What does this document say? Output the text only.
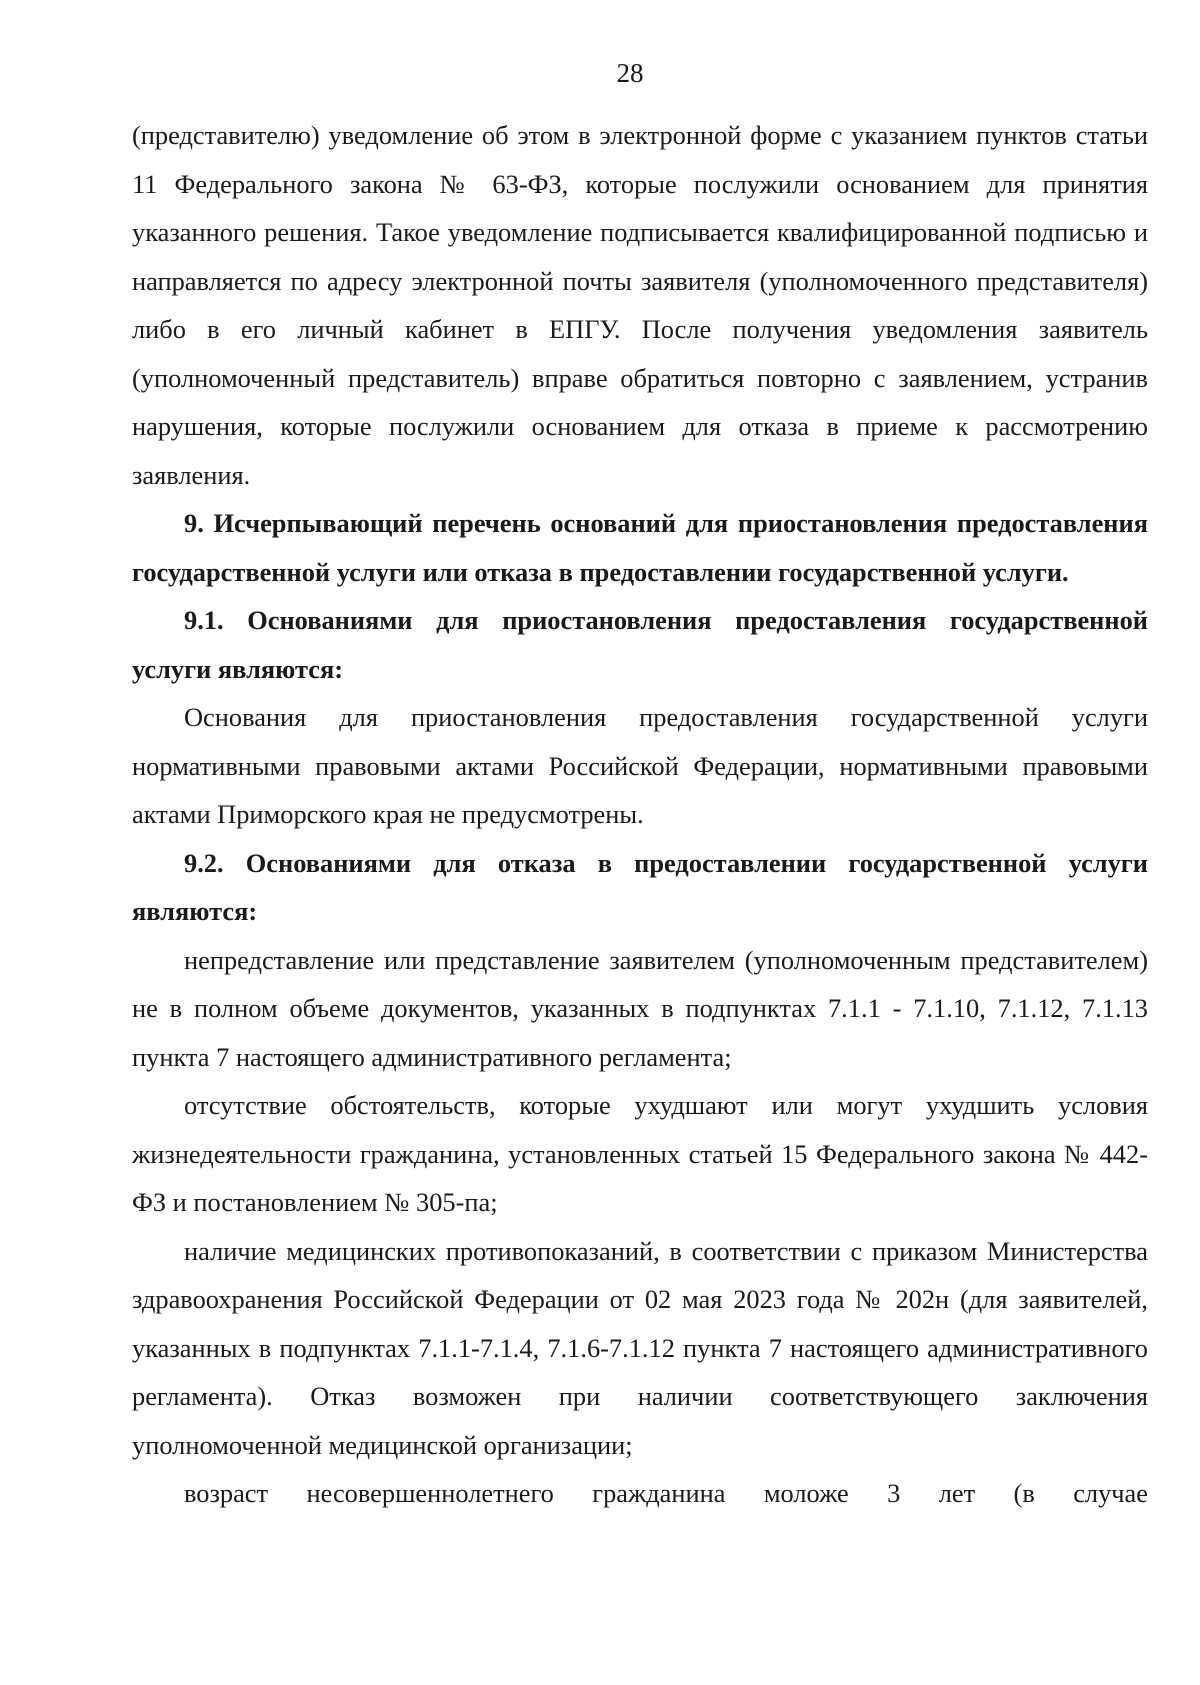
28

(представителю) уведомление об этом в электронной форме с указанием пунктов статьи 11 Федерального закона № 63-ФЗ, которые послужили основанием для принятия указанного решения. Такое уведомление подписывается квалифицированной подписью и направляется по адресу электронной почты заявителя (уполномоченного представителя) либо в его личный кабинет в ЕПГУ. После получения уведомления заявитель (уполномоченный представитель) вправе обратиться повторно с заявлением, устранив нарушения, которые послужили основанием для отказа в приеме к рассмотрению заявления.

9. Исчерпывающий перечень оснований для приостановления предоставления государственной услуги или отказа в предоставлении государственной услуги.

9.1. Основаниями для приостановления предоставления государственной услуги являются:

Основания для приостановления предоставления государственной услуги нормативными правовыми актами Российской Федерации, нормативными правовыми актами Приморского края не предусмотрены.

9.2. Основаниями для отказа в предоставлении государственной услуги являются:

непредставление или представление заявителем (уполномоченным представителем) не в полном объеме документов, указанных в подпунктах 7.1.1 - 7.1.10, 7.1.12, 7.1.13 пункта 7 настоящего административного регламента;

отсутствие обстоятельств, которые ухудшают или могут ухудшить условия жизнедеятельности гражданина, установленных статьей 15 Федерального закона № 442-ФЗ и постановлением № 305-па;

наличие медицинских противопоказаний, в соответствии с приказом Министерства здравоохранения Российской Федерации от 02 мая 2023 года № 202н (для заявителей, указанных в подпунктах 7.1.1-7.1.4, 7.1.6-7.1.12 пункта 7 настоящего административного регламента). Отказ возможен при наличии соответствующего заключения уполномоченной медицинской организации;

возраст несовершеннолетнего гражданина моложе 3 лет (в случае
